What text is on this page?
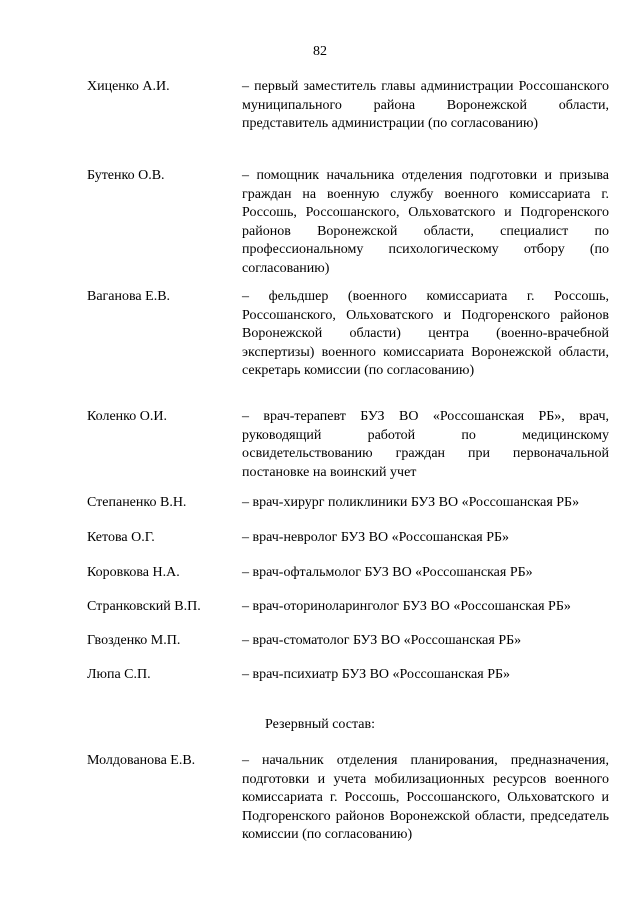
82
Хиценко А.И.	– первый заместитель главы администрации Россошанского муниципального района Воронежской области, представитель администрации (по согласованию)
Бутенко О.В.	– помощник начальника отделения подготовки и призыва граждан на военную службу военного комиссариата г. Россошь, Россошанского, Ольховатского и Подгоренского районов Воронежской области, специалист по профессиональному психологическому отбору (по согласованию)
Ваганова Е.В.	– фельдшер (военного комиссариата г. Россошь, Россошанского, Ольховатского и Подгоренского районов Воронежской области) центра (военно-врачебной экспертизы) военного комиссариата Воронежской области, секретарь комиссии (по согласованию)
Коленко О.И.	– врач-терапевт БУЗ ВО «Россошанская РБ», врач, руководящий работой по медицинскому освидетельствованию граждан при первоначальной постановке на воинский учет
Степаненко В.Н.	– врач-хирург поликлиники БУЗ ВО «Россошанская РБ»
Кетова О.Г.	– врач-невролог БУЗ ВО «Россошанская РБ»
Коровкова Н.А.	– врач-офтальмолог БУЗ ВО «Россошанская РБ»
Странковский В.П.	– врач-оториноларинголог БУЗ ВО «Россошанская РБ»
Гвозденко М.П.	– врач-стоматолог БУЗ ВО «Россошанская РБ»
Люпа С.П.	– врач-психиатр БУЗ ВО «Россошанская РБ»
Резервный состав:
Молдованова Е.В.	– начальник отделения планирования, предназначения, подготовки и учета мобилизационных ресурсов военного комиссариата г. Россошь, Россошанского, Ольховатского и Подгоренского районов Воронежской области, председатель комиссии (по согласованию)
